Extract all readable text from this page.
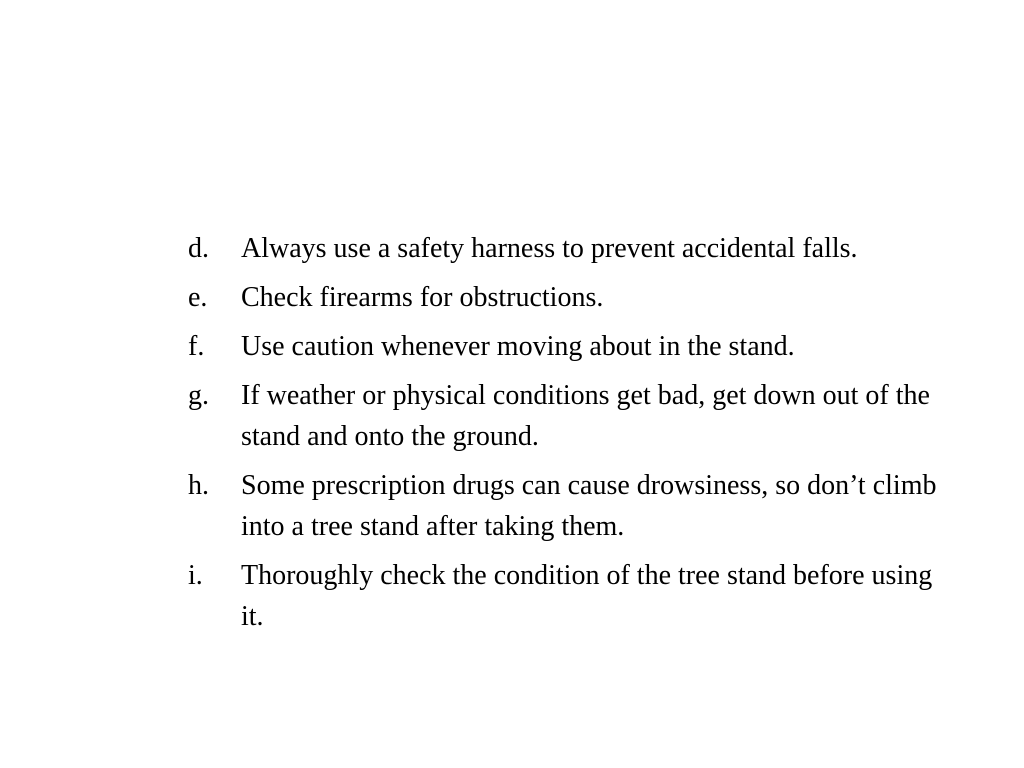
d.	Always use a safety harness to prevent accidental falls.
e.	Check firearms for obstructions.
f.	Use caution whenever moving about in the stand.
g.	If weather or physical conditions get bad, get down out of the stand and onto the ground.
h.	Some prescription drugs can cause drowsiness, so don’t climb into a tree stand after taking them.
i.	Thoroughly check the condition of the tree stand before using it.
